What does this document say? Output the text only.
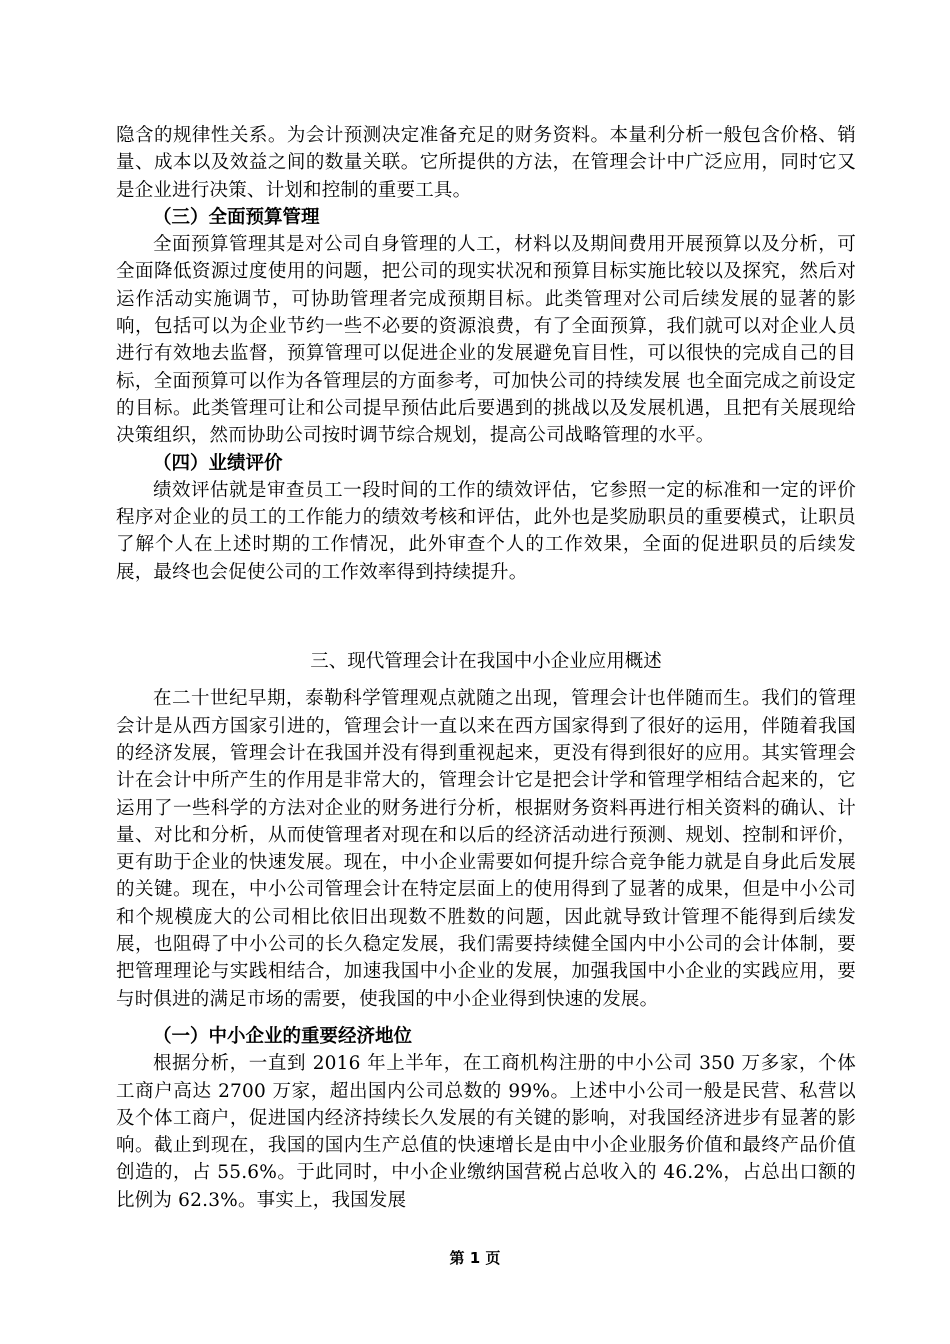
隐含的规律性关系。为会计预测决定准备充足的财务资料。本量利分析一般包含价格、销量、成本以及效益之间的数量关联。它所提供的方法，在管理会计中广泛应用，同时它又是企业进行决策、计划和控制的重要工具。

（三）全面预算管理

全面预算管理其是对公司自身管理的人工，材料以及期间费用开展预算以及分析，可全面降低资源过度使用的问题，把公司的现实状况和预算目标实施比较以及探究，然后对运作活动实施调节，可协助管理者完成预期目标。此类管理对公司后续发展的显著的影响，包括可以为企业节约一些不必要的资源浪费，有了全面预算，我们就可以对企业人员进行有效地去监督，预算管理可以促进企业的发展避免盲目性，可以很快的完成自己的目标，全面预算可以作为各管理层的方面参考，可加快公司的持续发展 也全面完成之前设定的目标。此类管理可让和公司提早预估此后要遇到的挑战以及发展机遇，且把有关展现给决策组织，然而协助公司按时调节综合规划，提高公司战略管理的水平。

（四）业绩评价

绩效评估就是审查员工一段时间的工作的绩效评估，它参照一定的标准和一定的评价程序对企业的员工的工作能力的绩效考核和评估，此外也是奖励职员的重要模式，让职员了解个人在上述时期的工作情况，此外审查个人的工作效果，全面的促进职员的后续发展，最终也会促使公司的工作效率得到持续提升。

三、现代管理会计在我国中小企业应用概述

在二十世纪早期，泰勒科学管理观点就随之出现，管理会计也伴随而生。我们的管理会计是从西方国家引进的，管理会计一直以来在西方国家得到了很好的运用，伴随着我国的经济发展，管理会计在我国并没有得到重视起来，更没有得到很好的应用。其实管理会计在会计中所产生的作用是非常大的，管理会计它是把会计学和管理学相结合起来的，它运用了一些科学的方法对企业的财务进行分析，根据财务资料再进行相关资料的确认、计量、对比和分析，从而使管理者对现在和以后的经济活动进行预测、规划、控制和评价，更有助于企业的快速发展。现在，中小企业需要如何提升综合竞争能力就是自身此后发展的关键。现在，中小公司管理会计在特定层面上的使用得到了显著的成果，但是中小公司和个规模庞大的公司相比依旧出现数不胜数的问题，因此就导致计管理不能得到后续发展，也阻碍了中小公司的长久稳定发展，我们需要持续健全国内中小公司的会计体制，要把管理理论与实践相结合，加速我国中小企业的发展，加强我国中小企业的实践应用，要与时俱进的满足市场的需要，使我国的中小企业得到快速的发展。

（一）中小企业的重要经济地位

根据分析，一直到 2016 年上半年，在工商机构注册的中小公司 350 万多家，个体工商户高达 2700 万家，超出国内公司总数的 99%。上述中小公司一般是民营、私营以及个体工商户，促进国内经济持续长久发展的有关键的影响，对我国经济进步有显著的影响。截止到现在，我国的国内生产总值的快速增长是由中小企业服务价值和最终产品价值创造的，占 55.6%。于此同时，中小企业缴纳国营税占总收入的 46.2%，占总出口额的比例为 62.3%。事实上，我国发展

第 1 页
